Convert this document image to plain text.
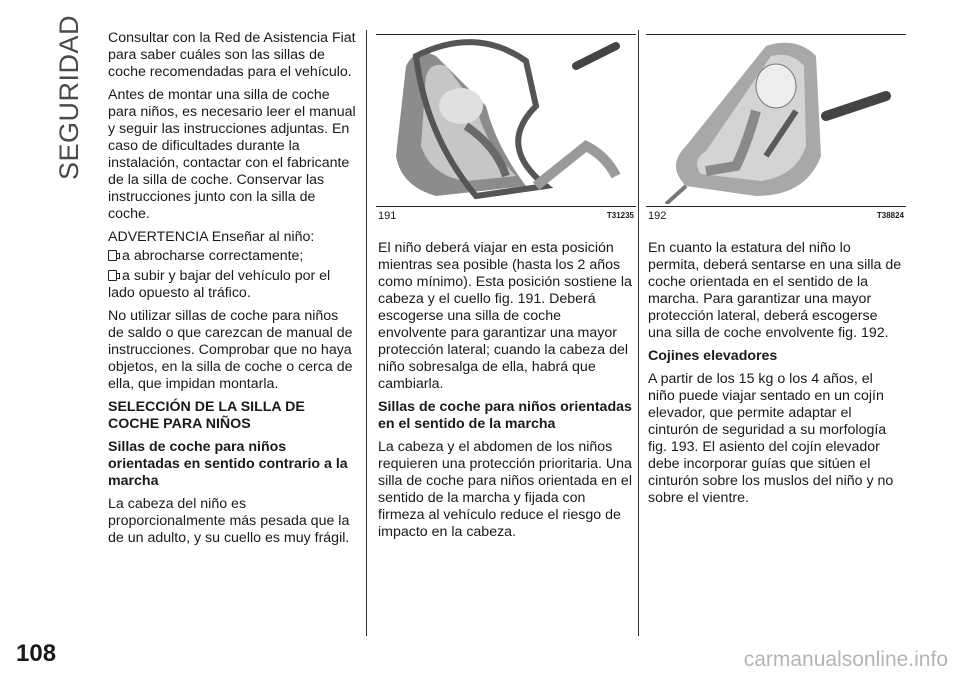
SEGURIDAD Consultar con la Red de Asistencia Fiat para saber cuáles son las sillas de coche recomendadas para el vehículo.

Antes de montar una silla de coche para niños, es necesario leer el manual y seguir las instrucciones adjuntas. En caso de dificultades durante la instalación, contactar con el fabricante de la silla de coche. Conservar las instrucciones junto con la silla de coche.

ADVERTENCIA Enseñar al niño:

a abrocharse correctamente;
a subir y bajar del vehículo por el

lado opuesto al tráfico.

No utilizar sillas de coche para niños de saldo o que carezcan de manual de instrucciones. Comprobar que no haya objetos, en la silla de coche o cerca de ella, que impidan montarla.

SELECCIÓN DE LA SILLA DE COCHE PARA NIÑOS
Sillas de coche para niños orientadas en sentido contrario a la marcha

La cabeza del niño es proporcionalmente más pesada que la de un adulto, y su cuello es muy frágil.

191	T31235 192	T38824

El niño deberá viajar en esta posición mientras sea posible (hasta los 2 años como mínimo). Esta posición sostiene la cabeza y el cuello fig. 191. Deberá escogerse una silla de coche envolvente para garantizar una mayor protección lateral; cuando la cabeza del niño sobresalga de ella, habrá que cambiarla.

Sillas de coche para niños orientadas en el sentido de la marcha

La cabeza y el abdomen de los niños requieren una protección prioritaria. Una silla de coche para niños orientada en el sentido de la marcha y fijada con firmeza al vehículo reduce el riesgo de impacto en la cabeza.

En cuanto la estatura del niño lo permita, deberá sentarse en una silla de coche orientada en el sentido de la marcha. Para garantizar una mayor protección lateral, deberá escogerse una silla de coche envolvente fig. 192.

Cojines elevadores

A partir de los 15 kg o los 4 años, el niño puede viajar sentado en un cojín elevador, que permite adaptar el cinturón de seguridad a su morfología fig. 193. El asiento del cojín elevador debe incorporar guías que sitúen el cinturón sobre los muslos del niño y no sobre el vientre.

108	carmanualsonline.info
